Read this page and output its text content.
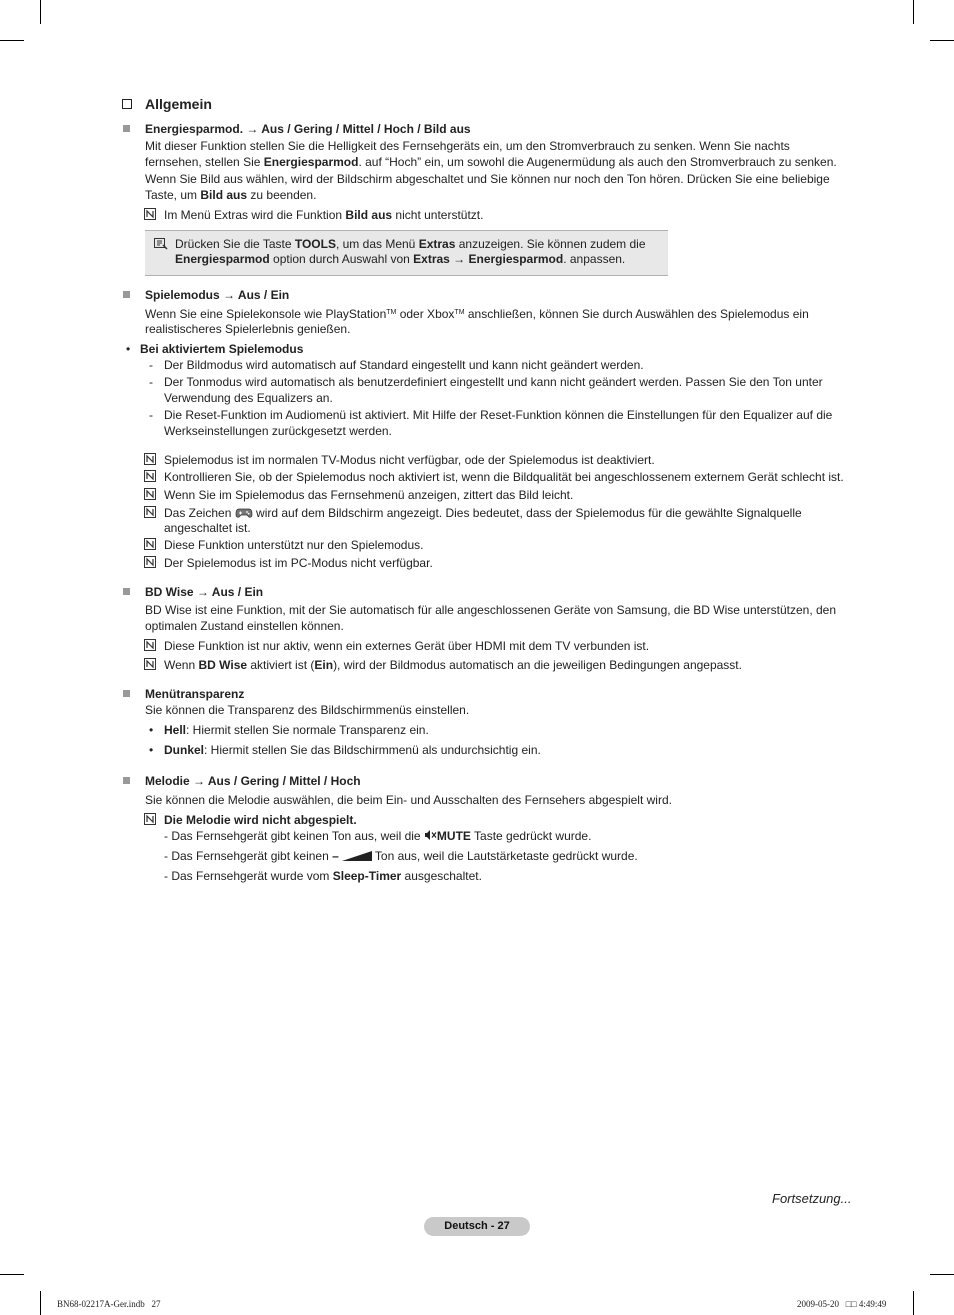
Allgemein
Energiesparmod. → Aus / Gering / Mittel / Hoch / Bild aus
Mit dieser Funktion stellen Sie die Helligkeit des Fernsehgeräts ein, um den Stromverbrauch zu senken. Wenn Sie nachts
fernsehen, stellen Sie Energiesparmod. auf “Hoch” ein, um sowohl die Augenermüdung als auch den Stromverbrauch zu senken.
Wenn Sie Bild aus wählen, wird der Bildschirm abgeschaltet und Sie können nur noch den Ton hören. Drücken Sie eine beliebige
Taste, um Bild aus zu beenden.
Im Menü Extras wird die Funktion Bild aus nicht unterstützt.
Drücken Sie die Taste TOOLS, um das Menü Extras anzuzeigen. Sie können zudem die
Energiesparmod option durch Auswahl von Extras → Energiesparmod. anpassen.
Spielemodus → Aus / Ein
Wenn Sie eine Spielekonsole wie PlayStation™ oder Xbox™ anschließen, können Sie durch Auswählen des Spielemodus ein
realistischeres Spielerlebnis genießen.
• Bei aktiviertem Spielemodus
- Der Bildmodus wird automatisch auf Standard eingestellt und kann nicht geändert werden.
- Der Tonmodus wird automatisch als benutzerdefiniert eingestellt und kann nicht geändert werden. Passen Sie den Ton unter
Verwendung des Equalizers an.
- Die Reset-Funktion im Audiomenü ist aktiviert. Mit Hilfe der Reset-Funktion können die Einstellungen für den Equalizer auf die
Werkseinstellungen zurückgesetzt werden.
Spielemodus ist im normalen TV-Modus nicht verfügbar, ode der Spielemodus ist deaktiviert.
Kontrollieren Sie, ob der Spielemodus noch aktiviert ist, wenn die Bildqualität bei angeschlossenem externem Gerät schlecht ist.
Wenn Sie im Spielemodus das Fernsehmenü anzeigen, zittert das Bild leicht.
Das Zeichen  wird auf dem Bildschirm angezeigt. Dies bedeutet, dass der Spielemodus für die gewählte Signalquelle
angeschaltet ist.
Diese Funktion unterstützt nur den Spielemodus.
Der Spielemodus ist im PC-Modus nicht verfügbar.
BD Wise → Aus / Ein
BD Wise ist eine Funktion, mit der Sie automatisch für alle angeschlossenen Geräte von Samsung, die BD Wise unterstützen, den
optimalen Zustand einstellen können.
Diese Funktion ist nur aktiv, wenn ein externes Gerät über HDMI mit dem TV verbunden ist.
Wenn BD Wise aktiviert ist (Ein), wird der Bildmodus automatisch an die jeweiligen Bedingungen angepasst.
Menütransparenz
Sie können die Transparenz des Bildschirmmenüs einstellen.
• Hell: Hiermit stellen Sie normale Transparenz ein.
• Dunkel: Hiermit stellen Sie das Bildschirmmenü als undurchsichtig ein.
Melodie → Aus / Gering / Mittel / Hoch
Sie können die Melodie auswählen, die beim Ein- und Ausschalten des Fernsehers abgespielt wird.
Die Melodie wird nicht abgespielt.
- Das Fernsehgerät gibt keinen Ton aus, weil die MUTE Taste gedrückt wurde.
- Das Fernsehgerät gibt keinen –	Ton aus, weil die Lautstärketaste gedrückt wurde.
- Das Fernsehgerät wurde vom Sleep-Timer ausgeschaltet.
Fortsetzung...
Deutsch - 27
BN68-02217A-Ger.indb   27	2009-05-20   □□ 4:49:49
